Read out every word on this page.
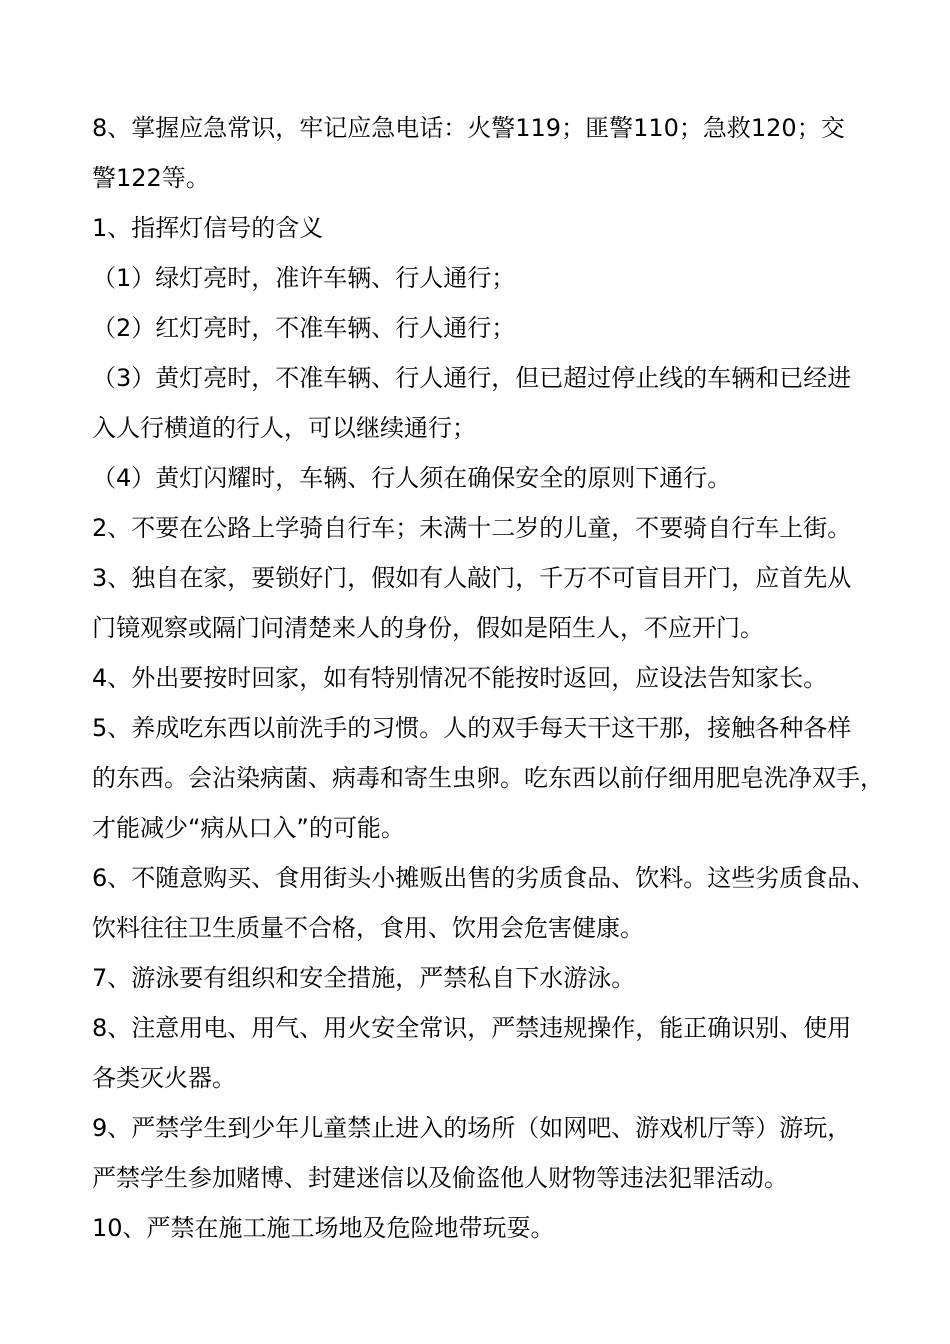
8、掌握应急常识，牢记应急电话：火警119；匪警110；急救120；交
警122等。
1、指挥灯信号的含义
（1）绿灯亮时，准许车辆、行人通行；
（2）红灯亮时，不准车辆、行人通行；
（3）黄灯亮时，不准车辆、行人通行，但已超过停止线的车辆和已经进
入人行横道的行人，可以继续通行；
（4）黄灯闪耀时，车辆、行人须在确保安全的原则下通行。
2、不要在公路上学骑自行车；未满十二岁的儿童，不要骑自行车上街。
3、独自在家，要锁好门，假如有人敲门，千万不可盲目开门，应首先从
门镜观察或隔门问清楚来人的身份，假如是陌生人，不应开门。
4、外出要按时回家，如有特别情况不能按时返回，应设法告知家长。
5、养成吃东西以前洗手的习惯。人的双手每天干这干那，接触各种各样
的东西。会沾染病菌、病毒和寄生虫卵。吃东西以前仔细用肥皂洗净双手，
才能减少“病从口入”的可能。
6、不随意购买、食用街头小摊贩出售的劣质食品、饮料。这些劣质食品、
饮料往往卫生质量不合格，食用、饮用会危害健康。
7、游泳要有组织和安全措施，严禁私自下水游泳。
8、注意用电、用气、用火安全常识，严禁违规操作，能正确识别、使用
各类灭火器。
9、严禁学生到少年儿童禁止进入的场所（如网吧、游戏机厅等）游玩，
严禁学生参加赌博、封建迷信以及偷盗他人财物等违法犯罪活动。
10、严禁在施工施工场地及危险地带玩耍。
